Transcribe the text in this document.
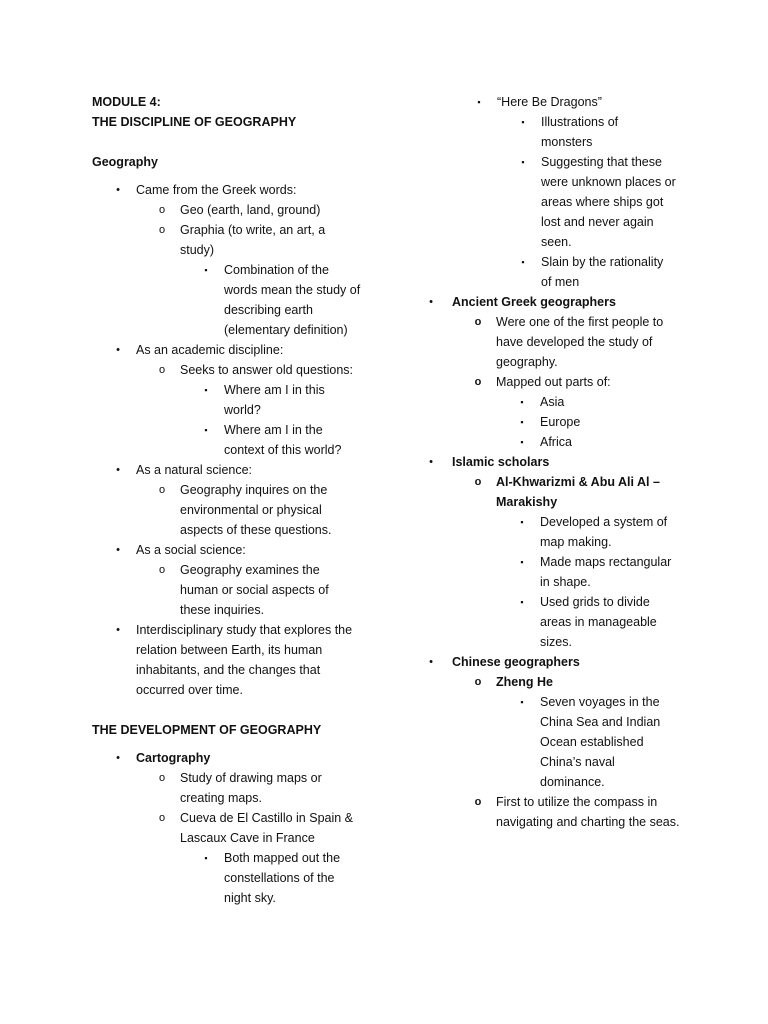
MODULE 4:

THE DISCIPLINE OF GEOGRAPHY

Geography

•	Came from the Greek words:
o Geo (earth, land, ground)
o Graphia (to write, an art, a study)
▪	Combination of the words mean the study of describing earth (elementary definition)
•	As an academic discipline:
o Seeks to answer old questions:
▪	Where am I in this world?
▪	Where am I in the context of this world?
•	As a natural science:
o Geography inquires on the environmental or physical aspects of these questions.
•	As a social science:
o Geography examines the human or social aspects of these inquiries.
•	Interdisciplinary study that explores the relation between Earth, its human inhabitants, and the changes that occurred over time.

THE DEVELOPMENT OF GEOGRAPHY

•	Cartography
o Study of drawing maps or creating maps.
o Cueva de El Castillo in Spain & Lascaux Cave in France
▪	Both mapped out the constellations of the night sky.
▪	“Here Be Dragons”
▪	Illustrations of monsters
▪	Suggesting that these were unknown places or areas where ships got lost and never again seen.
▪	Slain by the rationality of men
•	Ancient Greek geographers
o Were one of the first people to have developed the study of geography.
o Mapped out parts of:
▪	Asia
▪	Europe
▪	Africa
•	Islamic scholars
o Al-Khwarizmi & Abu Ali Al – Marakishy
▪	Developed a system of map making.
▪	Made maps rectangular in shape.
▪	Used grids to divide areas in manageable sizes.
•	Chinese geographers
o Zheng He
▪	Seven voyages in the China Sea and Indian Ocean established China’s naval dominance.
o First to utilize the compass in navigating and charting the seas.
